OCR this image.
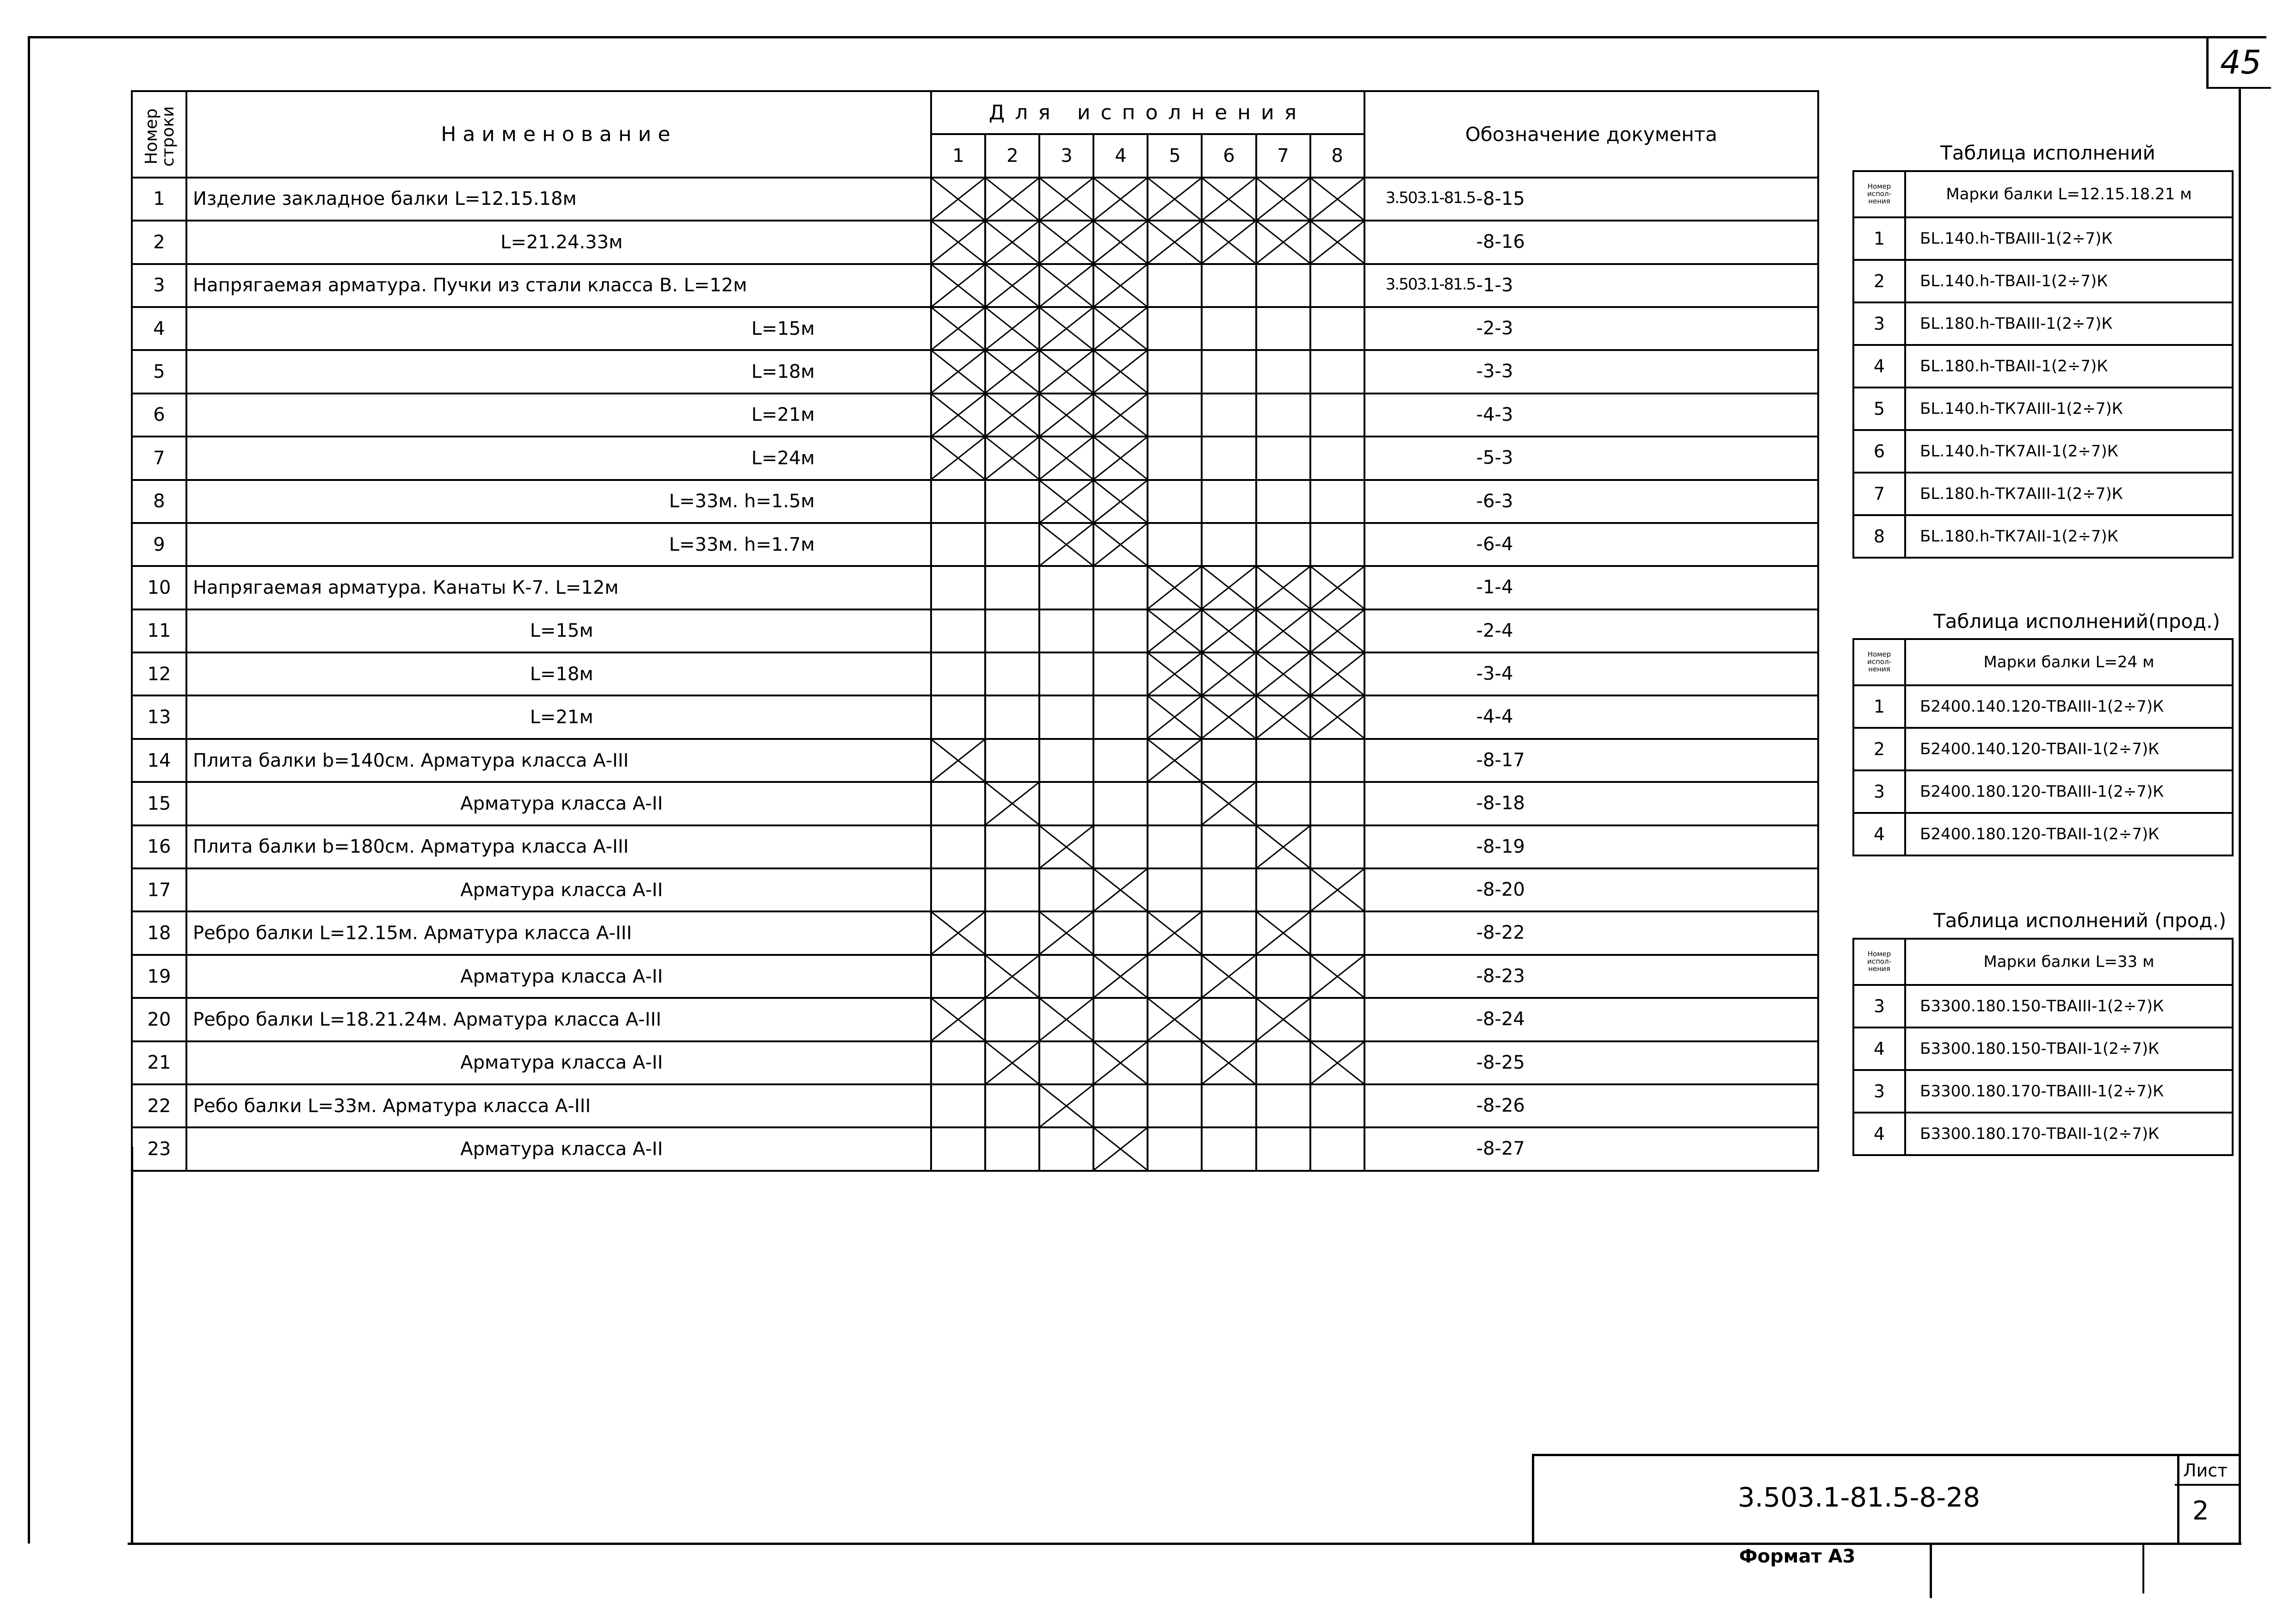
45
Номер строки	Наименование	Для исполнения								Обозначение документа
		1	2	3	4	5	6	7	8	
1	Изделие закладное балки L=12.15.18м									3.503.1-81.5 -8-15

2	L=21.24.33м									-8-16

3	Напрягаемая арматура. Пучки из стали класса В. L=12м									3.503.1-81.5 -1-3

4	L=15м									-2-3

5	L=18м									-3-3

6	L=21м									-4-3

7	L=24м									-5-3

8	L=33м. h=1.5м									-6-3

9	L=33м. h=1.7м									-6-4

10	Напрягаемая арматура. Канаты К-7. L=12м									-1-4

11	L=15м									-2-4

12	L=18м									-3-4

13	L=21м									-4-4

14	Плита балки b=140см. Арматура класса А-III									-8-17

15	Арматура класса А-II									-8-18

16	Плита балки b=180см. Арматура класса А-III									-8-19

17	Арматура класса А-II									-8-20

18	Ребро балки L=12.15м. Арматура класса А-III									-8-22

19	Арматура класса А-II									-8-23

20	Ребро балки L=18.21.24м. Арматура класса А-III									-8-24

21	Арматура класса А-II									-8-25

22	Ребо балки L=33м. Арматура класса А-III									-8-26

23	Арматура класса А-II									-8-27
Таблица исполнений
Номер испол-нения	Марки балки L=12.15.18.21 м
1	БL.140.h-ТВАIII-1(2÷7)К
2	БL.140.h-ТВАII-1(2÷7)К
3	БL.180.h-ТВАIII-1(2÷7)К
4	БL.180.h-ТВАII-1(2÷7)К
5	БL.140.h-ТК7АIII-1(2÷7)К
6	БL.140.h-ТК7АII-1(2÷7)К
7	БL.180.h-ТК7АIII-1(2÷7)К
8	БL.180.h-ТК7АII-1(2÷7)К
Таблица исполнений(прод.)
Номер испол-нения	Марки балки L=24 м
1	Б2400.140.120-ТВАIII-1(2÷7)К
2	Б2400.140.120-ТВАII-1(2÷7)К
3	Б2400.180.120-ТВАIII-1(2÷7)К
4	Б2400.180.120-ТВАII-1(2÷7)К
Таблица исполнений (прод.)
Номер испол-нения	Марки балки L=33 м
3	Б3300.180.150-ТВАIII-1(2÷7)К
4	Б3300.180.150-ТВАII-1(2÷7)К
3	Б3300.180.170-ТВАIII-1(2÷7)К
4	Б3300.180.170-ТВАII-1(2÷7)К
3.503.1-81.5-8-28
Лист
2
Формат А3
